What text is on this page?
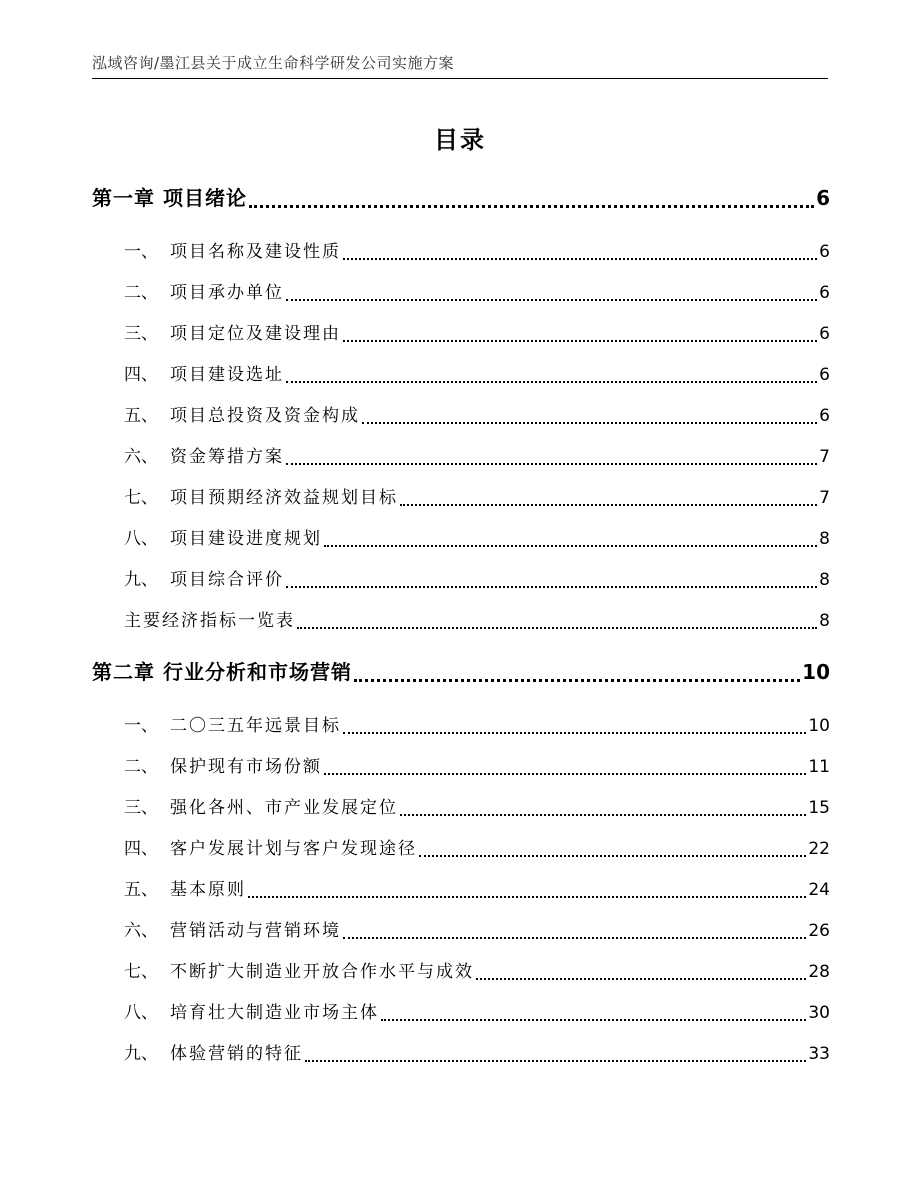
泓域咨询/墨江县关于成立生命科学研发公司实施方案
目录
第一章 项目绪论	6
一、 项目名称及建设性质	6
二、 项目承办单位	6
三、 项目定位及建设理由	6
四、 项目建设选址	6
五、 项目总投资及资金构成	6
六、 资金筹措方案	7
七、 项目预期经济效益规划目标	7
八、 项目建设进度规划	8
九、 项目综合评价	8
主要经济指标一览表	8
第二章 行业分析和市场营销	10
一、 二〇三五年远景目标	10
二、 保护现有市场份额	11
三、 强化各州、市产业发展定位	15
四、 客户发展计划与客户发现途径	22
五、 基本原则	24
六、 营销活动与营销环境	26
七、 不断扩大制造业开放合作水平与成效	28
八、 培育壮大制造业市场主体	30
九、 体验营销的特征	33
